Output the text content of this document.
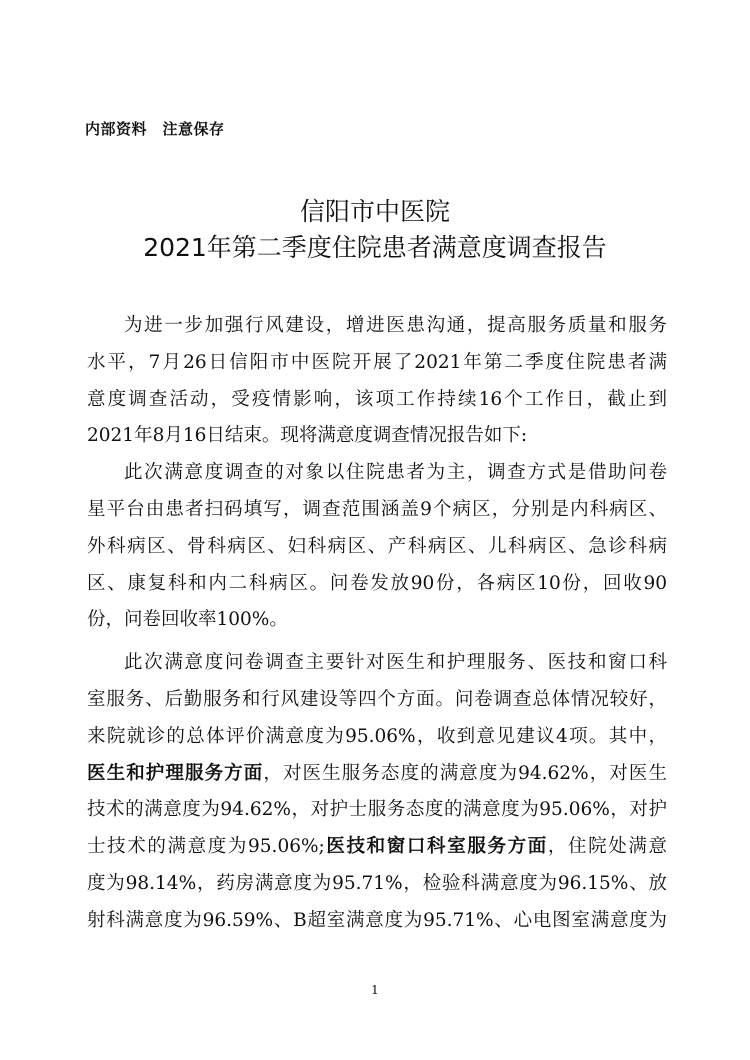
内部资料　注意保存
信阳市中医院
2021年第二季度住院患者满意度调查报告
为进一步加强行风建设，增进医患沟通，提高服务质量和服务
水平，7月26日信阳市中医院开展了2021年第二季度住院患者满
意度调查活动，受疫情影响，该项工作持续16个工作日，截止到
2021年8月16日结束。现将满意度调查情况报告如下:
此次满意度调查的对象以住院患者为主，调查方式是借助问卷
星平台由患者扫码填写，调查范围涵盖9个病区，分别是内科病区、
外科病区、骨科病区、妇科病区、产科病区、儿科病区、急诊科病
区、康复科和内二科病区。问卷发放90份，各病区10份，回收90
份，问卷回收率100%。
此次满意度问卷调查主要针对医生和护理服务、医技和窗口科
室服务、后勤服务和行风建设等四个方面。问卷调查总体情况较好，
来院就诊的总体评价满意度为95.06%，收到意见建议4项。其中，
医生和护理服务方面，对医生服务态度的满意度为94.62%，对医生
技术的满意度为94.62%，对护士服务态度的满意度为95.06%，对护
士技术的满意度为95.06%;医技和窗口科室服务方面，住院处满意
度为98.14%，药房满意度为95.71%，检验科满意度为96.15%、放
射科满意度为96.59%、B超室满意度为95.71%、心电图室满意度为
1
